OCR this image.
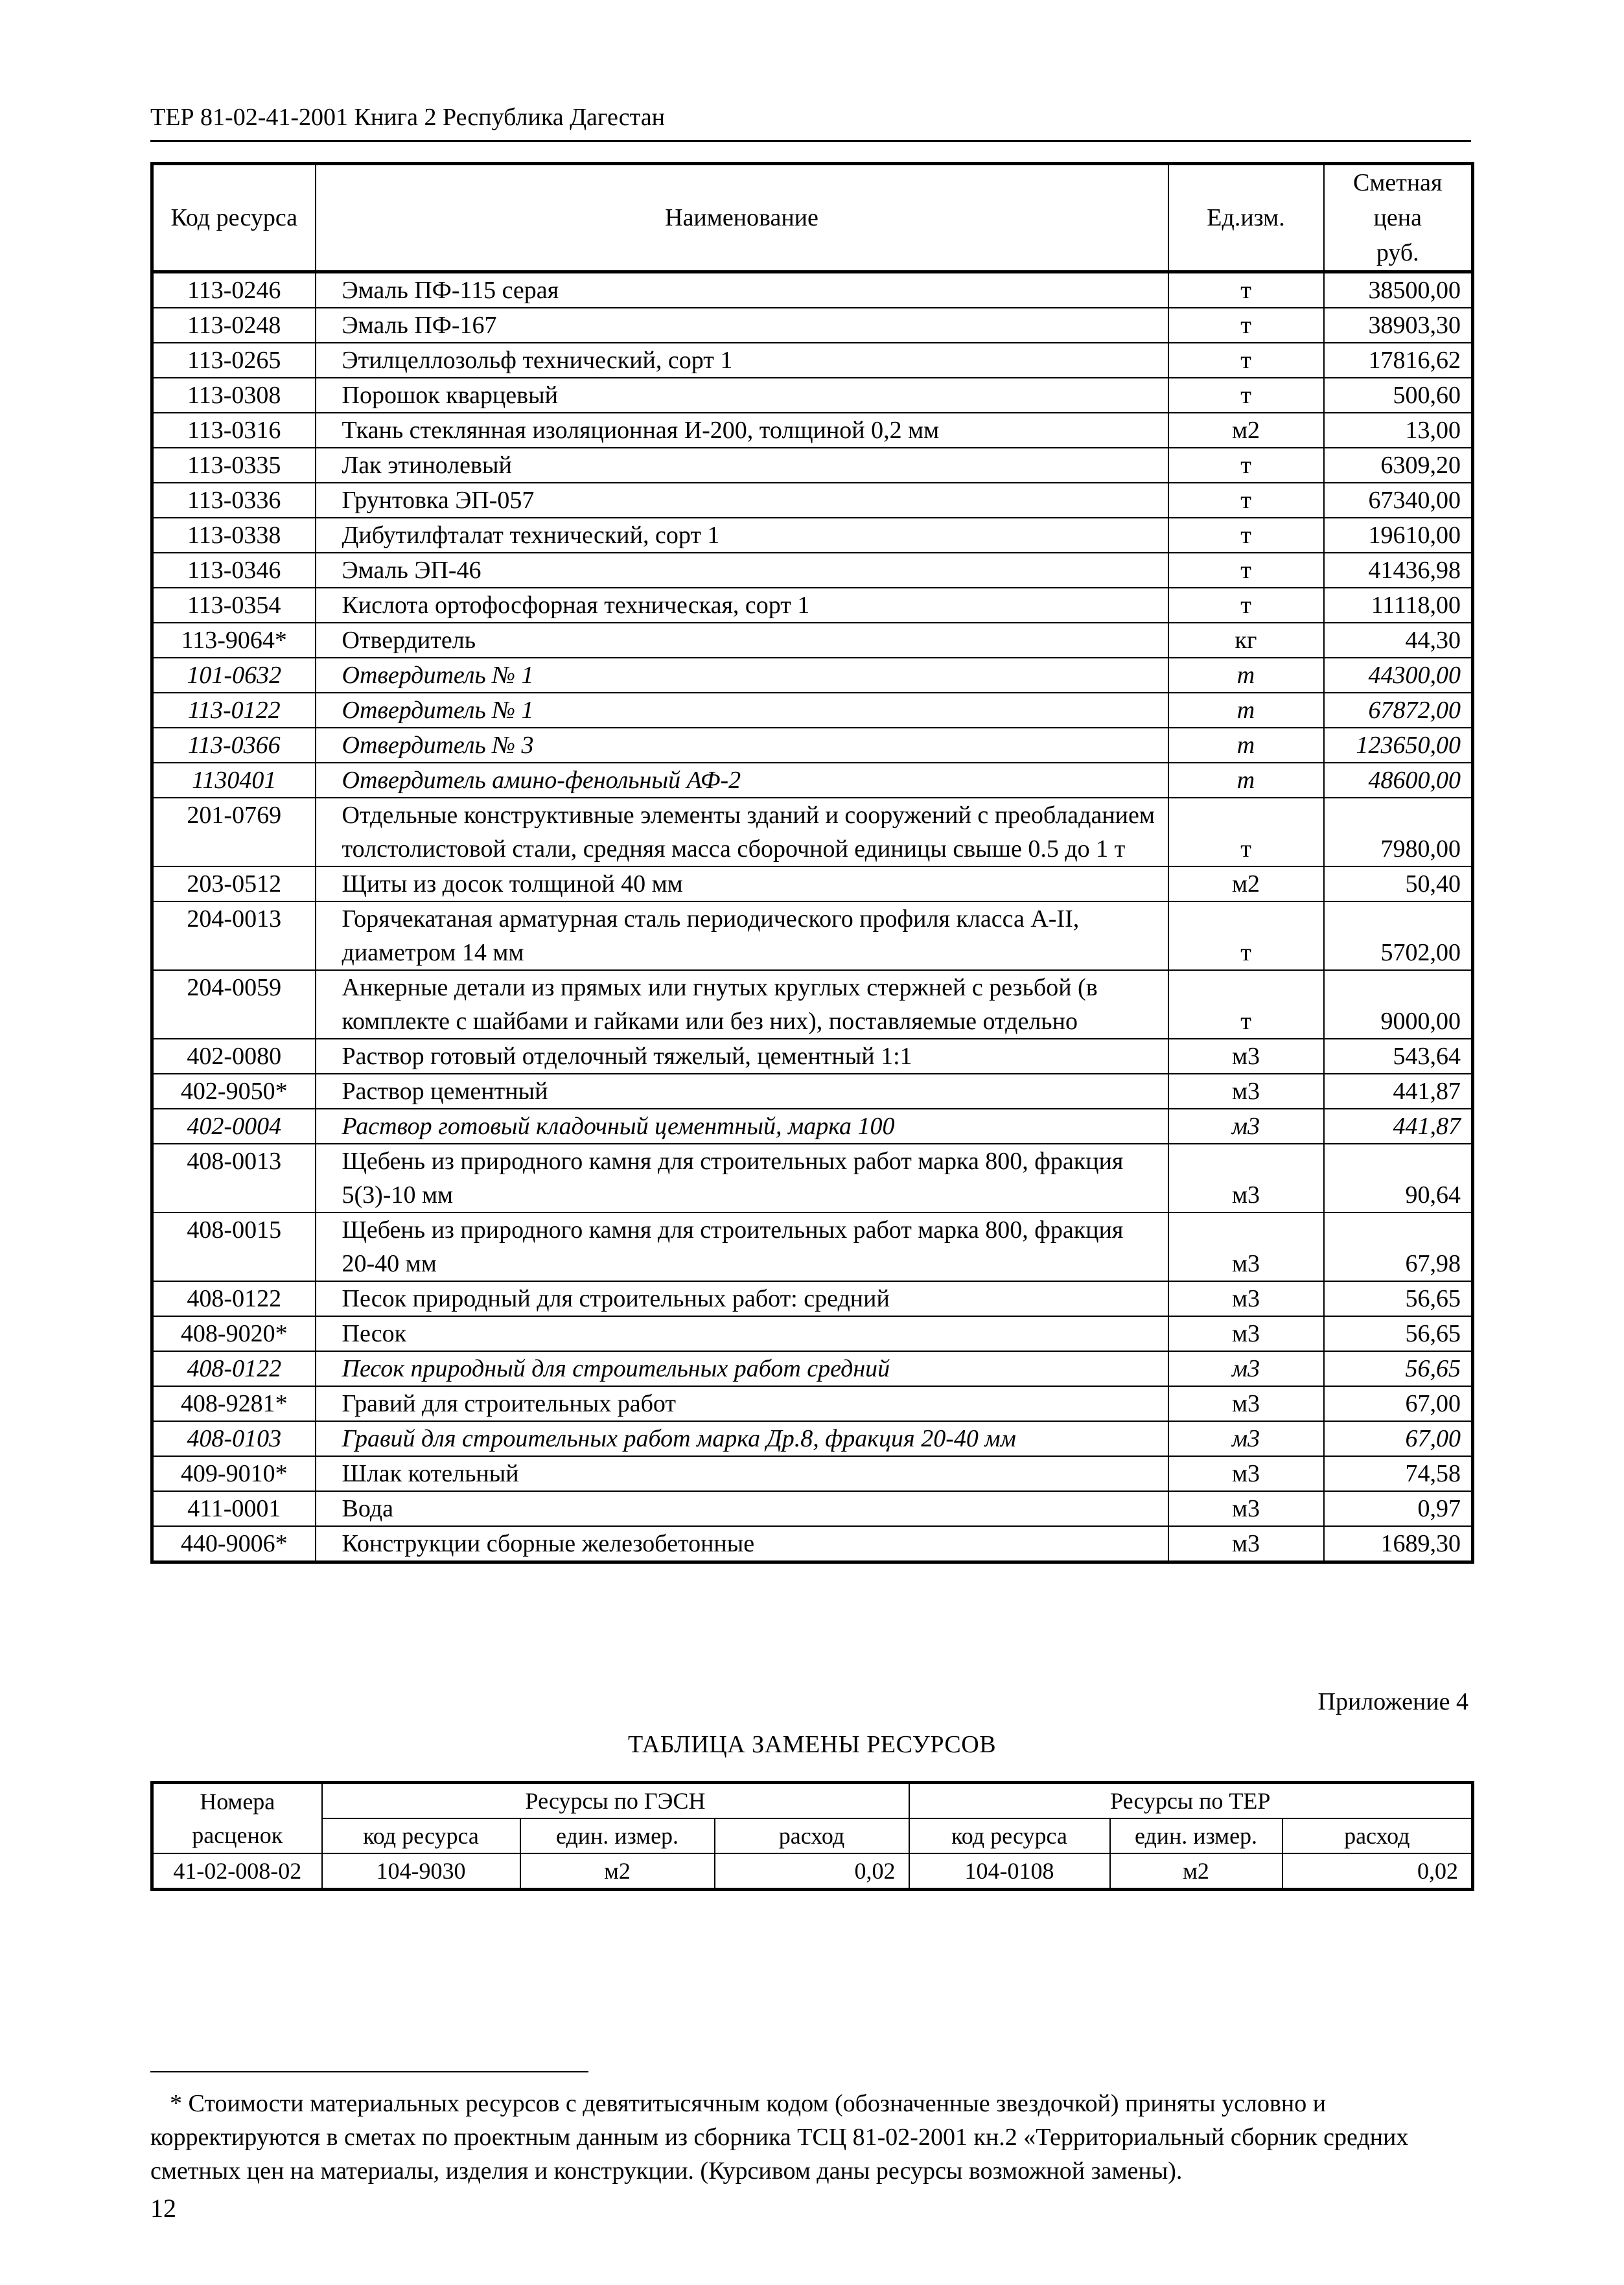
ТЕР 81-02-41-2001 Книга 2 Республика Дагестан
Код ресурса	Наименование	Ед.изм.	Сметная цена
руб.
113-0246	Эмаль ПФ-115 серая	т	38500,00
113-0248	Эмаль ПФ-167	т	38903,30
113-0265	Этилцеллозольф технический, сорт 1	т	17816,62
113-0308	Порошок кварцевый	т	500,60
113-0316	Ткань стеклянная изоляционная И-200, толщиной 0,2 мм	м2	13,00
113-0335	Лак этинолевый	т	6309,20
113-0336	Грунтовка ЭП-057	т	67340,00
113-0338	Дибутилфталат технический, сорт 1	т	19610,00
113-0346	Эмаль ЭП-46	т	41436,98
113-0354	Кислота ортофосфорная техническая, сорт 1	т	11118,00
113-9064*	Отвердитель	кг	44,30
101-0632	Отвердитель № 1	т	44300,00
113-0122	Отвердитель № 1	т	67872,00
113-0366	Отвердитель № 3	т	123650,00
1130401	Отвердитель амино-фенольный АФ-2	т	48600,00
201-0769	Отдельные конструктивные элементы зданий и сооружений с преобладанием толстолистовой стали, средняя масса сборочной единицы свыше 0.5 до 1 т	т	7980,00
203-0512	Щиты из досок толщиной 40 мм	м2	50,40
204-0013	Горячекатаная арматурная сталь периодического профиля класса А-II, диаметром 14 мм	т	5702,00
204-0059	Анкерные детали из прямых или гнутых круглых стержней с резьбой (в комплекте с шайбами и гайками или без них), поставляемые отдельно	т	9000,00
402-0080	Раствор готовый отделочный тяжелый, цементный 1:1	м3	543,64
402-9050*	Раствор цементный	м3	441,87
402-0004	Раствор готовый кладочный цементный, марка 100	м3	441,87
408-0013	Щебень из природного камня для строительных работ марка 800, фракция 5(3)-10 мм	м3	90,64
408-0015	Щебень из природного камня для строительных работ марка 800, фракция 20-40 мм	м3	67,98
408-0122	Песок природный для строительных работ: средний	м3	56,65
408-9020*	Песок	м3	56,65
408-0122	Песок природный для строительных работ средний	м3	56,65
408-9281*	Гравий для строительных работ	м3	67,00
408-0103	Гравий для строительных работ марка Др.8, фракция 20-40 мм	м3	67,00
409-9010*	Шлак котельный	м3	74,58
411-0001	Вода	м3	0,97
440-9006*	Конструкции сборные железобетонные	м3	1689,30
Приложение 4
ТАБЛИЦА ЗАМЕНЫ РЕСУРСОВ
Номера
расценок	Ресурсы по ГЭСН			Ресурсы по ТЕР		
	код ресурса	един. измер.	расход	код ресурса	един. измер.	расход
41-02-008-02	104-9030	м2	0,02	104-0108	м2	0,02
* Стоимости материальных ресурсов с девятитысячным кодом (обозначенные звездочкой) приняты условно и корректируются в сметах по проектным данным из сборника ТСЦ 81-02-2001 кн.2 «Территориальный сборник средних сметных цен на материалы, изделия и конструкции. (Курсивом даны ресурсы возможной замены).
12
